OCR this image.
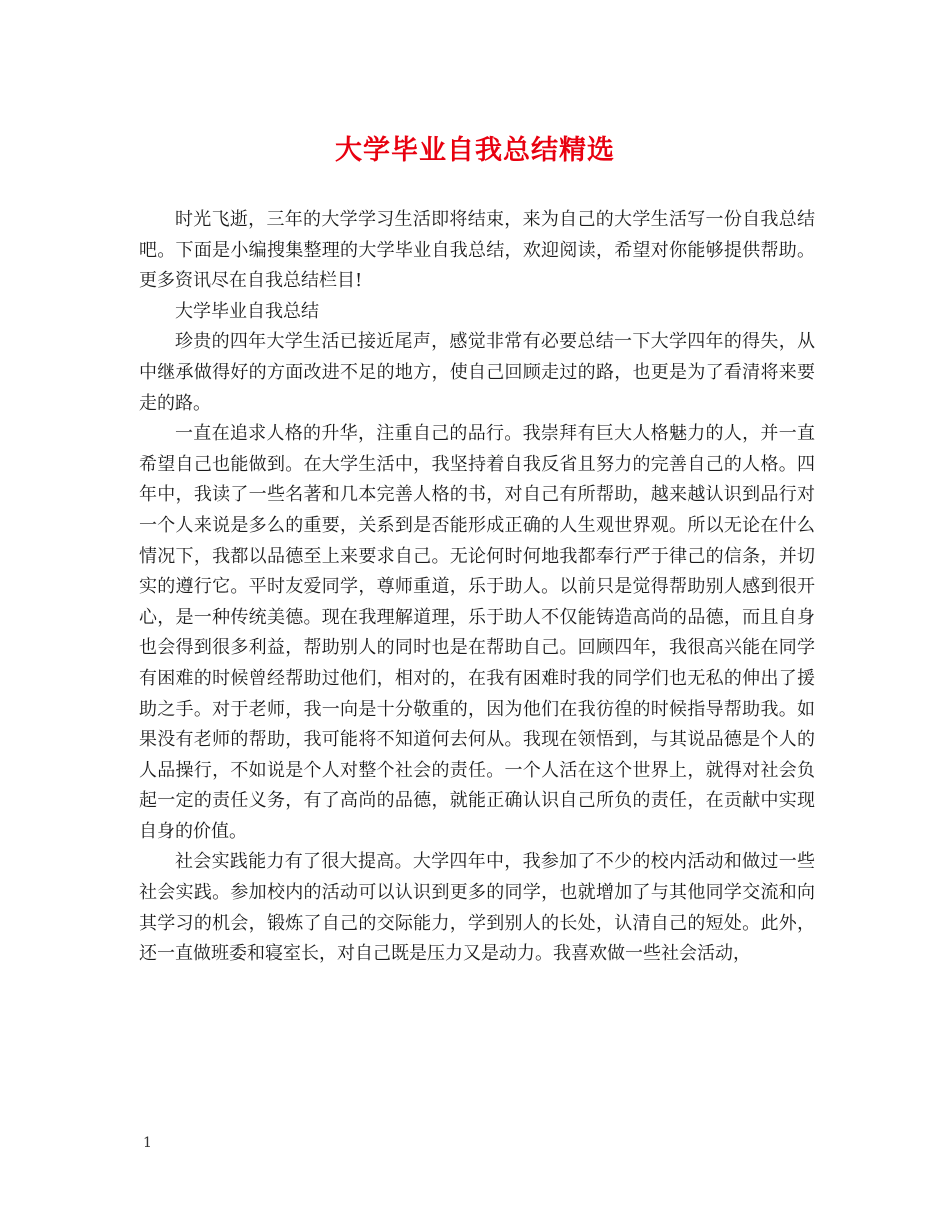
大学毕业自我总结精选

时光飞逝，三年的大学学习生活即将结束，来为自己的大学生活写一份自我总结吧。下面是小编搜集整理的大学毕业自我总结，欢迎阅读，希望对你能够提供帮助。更多资讯尽在自我总结栏目!

大学毕业自我总结

珍贵的四年大学生活已接近尾声，感觉非常有必要总结一下大学四年的得失，从中继承做得好的方面改进不足的地方，使自己回顾走过的路，也更是为了看清将来要走的路。

一直在追求人格的升华，注重自己的品行。我崇拜有巨大人格魅力的人，并一直希望自己也能做到。在大学生活中，我坚持着自我反省且努力的完善自己的人格。四年中，我读了一些名著和几本完善人格的书，对自己有所帮助，越来越认识到品行对一个人来说是多么的重要，关系到是否能形成正确的人生观世界观。所以无论在什么情况下，我都以品德至上来要求自己。无论何时何地我都奉行严于律己的信条，并切实的遵行它。平时友爱同学，尊师重道，乐于助人。以前只是觉得帮助别人感到很开心，是一种传统美德。现在我理解道理，乐于助人不仅能铸造高尚的品德，而且自身也会得到很多利益，帮助别人的同时也是在帮助自己。回顾四年，我很高兴能在同学有困难的时候曾经帮助过他们，相对的，在我有困难时我的同学们也无私的伸出了援助之手。对于老师，我一向是十分敬重的，因为他们在我彷徨的时候指导帮助我。如果没有老师的帮助，我可能将不知道何去何从。我现在领悟到，与其说品德是个人的人品操行，不如说是个人对整个社会的责任。一个人活在这个世界上，就得对社会负起一定的责任义务，有了高尚的品德，就能正确认识自己所负的责任，在贡献中实现自身的价值。

社会实践能力有了很大提高。大学四年中，我参加了不少的校内活动和做过一些社会实践。参加校内的活动可以认识到更多的同学，也就增加了与其他同学交流和向其学习的机会，锻炼了自己的交际能力，学到别人的长处，认清自己的短处。此外，还一直做班委和寝室长，对自己既是压力又是动力。我喜欢做一些社会活动，

1
